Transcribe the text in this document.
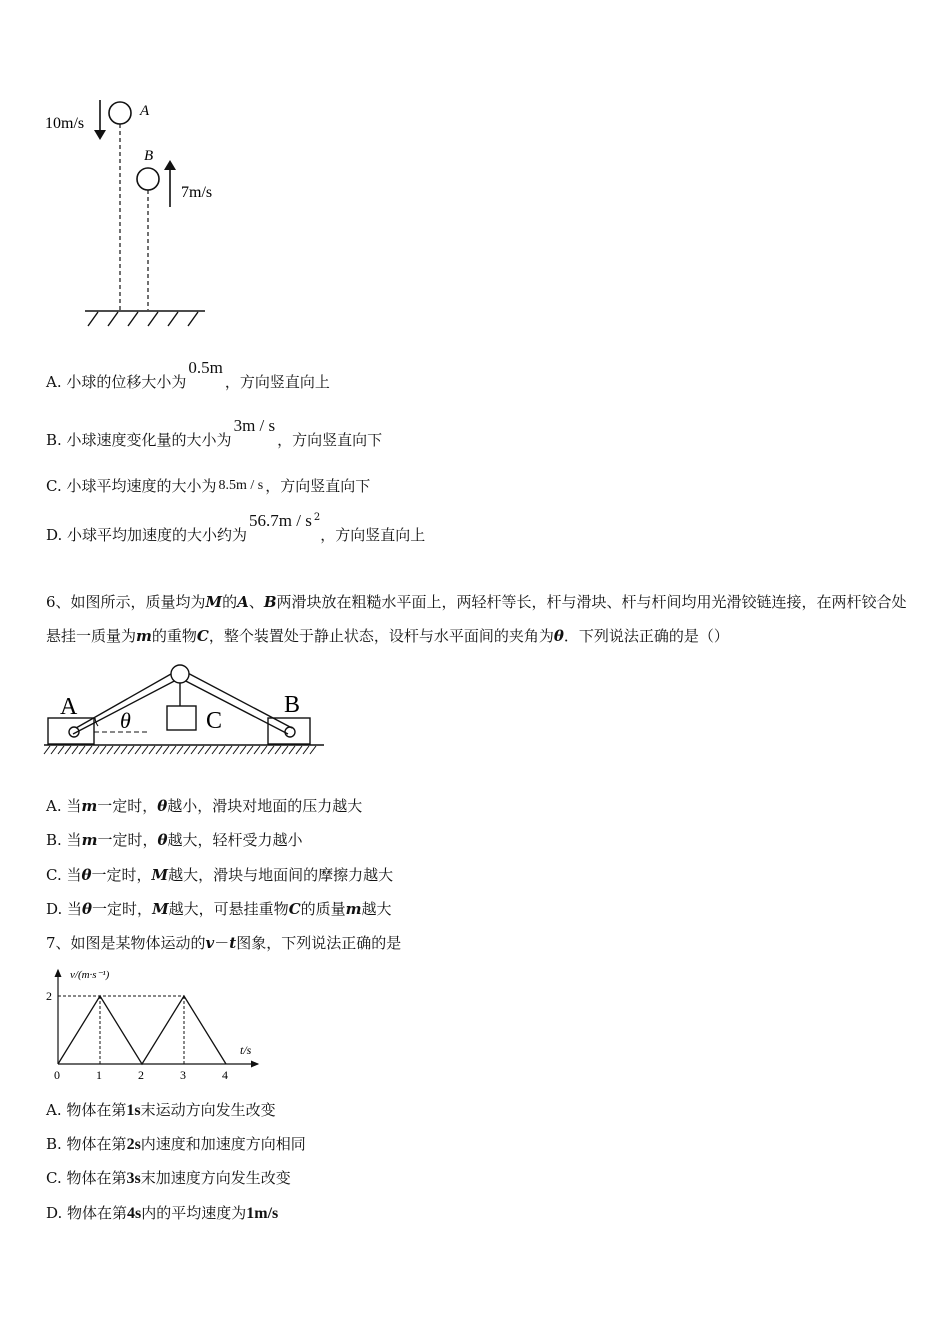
10m/s
A
B
7m/s
A. 小球的位移大小为0.5m，方向竖直向上
B. 小球速度变化量的大小为3m / s，方向竖直向下
C. 小球平均速度的大小为 8.5m / s ，方向竖直向下
D. 小球平均加速度的大小约为56.7m / s $^2$，方向竖直向上
6、如图所示，质量均为M的A、B两滑块放在粗糙水平面上，两轻杆等长，杆与滑块、杆与杆间均用光滑铰链连接，在两杆铰合处悬挂一质量为m的重物C，整个装置处于静止状态，设杆与水平面间的夹角为θ．下列说法正确的是（）
A	B
C
θ
A. 当m一定时，θ越小，滑块对地面的压力越大
B. 当m一定时，θ越大，轻杆受力越小
C. 当θ一定时，M越大，滑块与地面间的摩擦力越大
D. 当θ一定时，M越大，可悬挂重物C的质量m越大
7、如图是某物体运动的v－t图象，下列说法正确的是
v/(m·s⁻¹)
t/s
0	1	2	3	4
2
A. 物体在第1s末运动方向发生改变
B. 物体在第2s内速度和加速度方向相同
C. 物体在第3s末加速度方向发生改变
D. 物体在第4s内的平均速度为1m/s
